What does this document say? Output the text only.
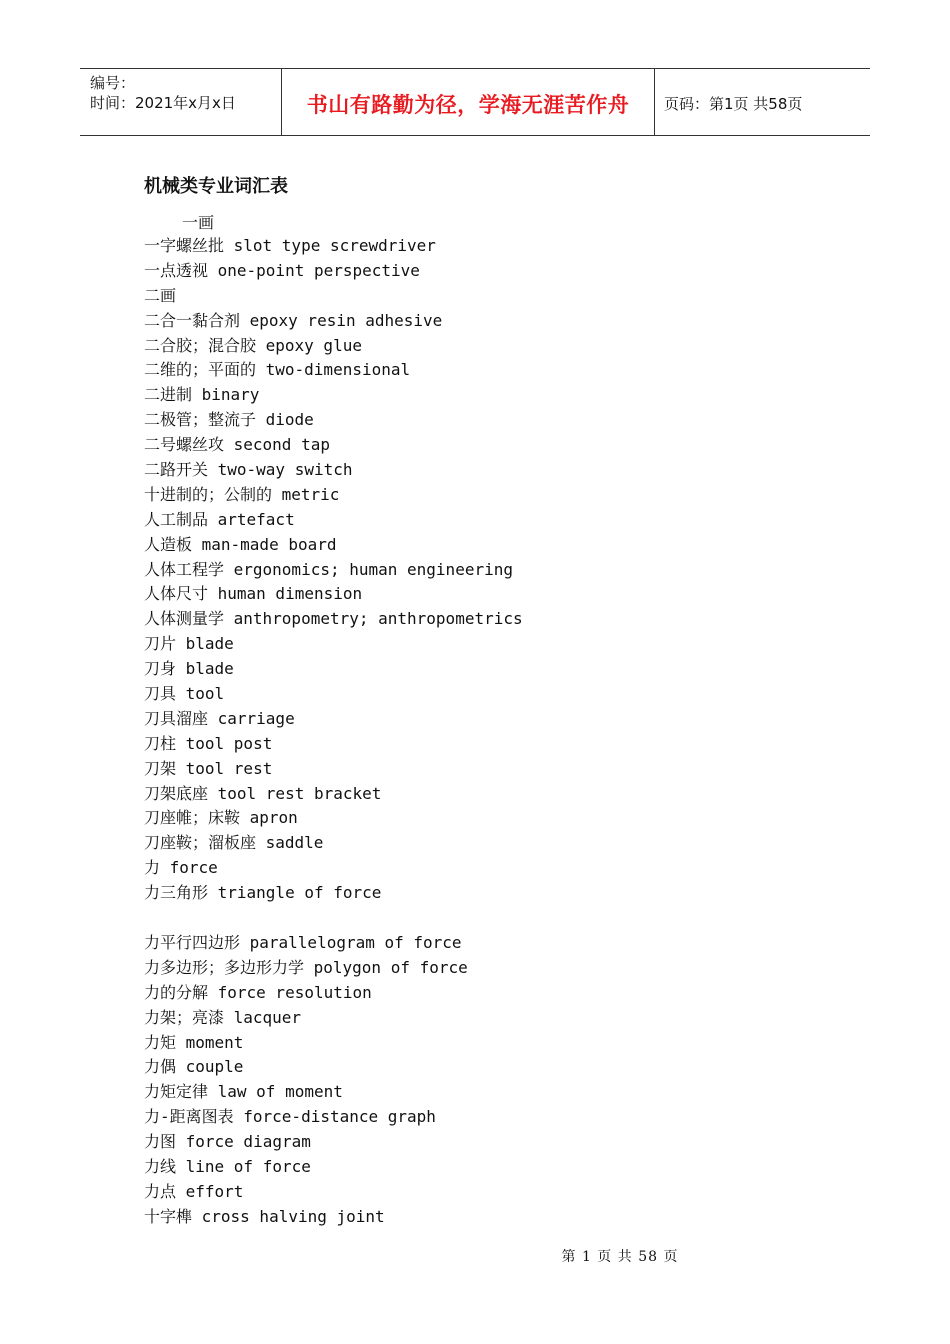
编号：
时间：2021年x月x日	书山有路勤为径，学海无涯苦作舟	页码：第1页 共58页
机械类专业词汇表
一画
一字螺丝批 slot type screwdriver
一点透视 one-point perspective
二画
二合一黏合剂 epoxy resin adhesive
二合胶；混合胶 epoxy glue
二维的；平面的 two-dimensional
二进制 binary
二极管；整流子 diode
二号螺丝攻 second tap
二路开关 two-way switch
十进制的；公制的 metric
人工制品 artefact
人造板 man-made board
人体工程学 ergonomics; human engineering
人体尺寸 human dimension
人体测量学 anthropometry; anthropometrics
刀片 blade
刀身 blade
刀具 tool
刀具溜座 carriage
刀柱 tool post
刀架 tool rest
刀架底座 tool rest bracket
刀座帷；床鞍 apron
刀座鞍；溜板座 saddle
力 force
力三角形 triangle of force
力平行四边形 parallelogram of force
力多边形；多边形力学 polygon of force
力的分解 force resolution
力架；亮漆 lacquer
力矩 moment
力偶 couple
力矩定律 law of moment
力-距离图表 force-distance graph
力图 force diagram
力线 line of force
力点 effort
十字榫 cross halving joint
第 1 页 共 58 页
